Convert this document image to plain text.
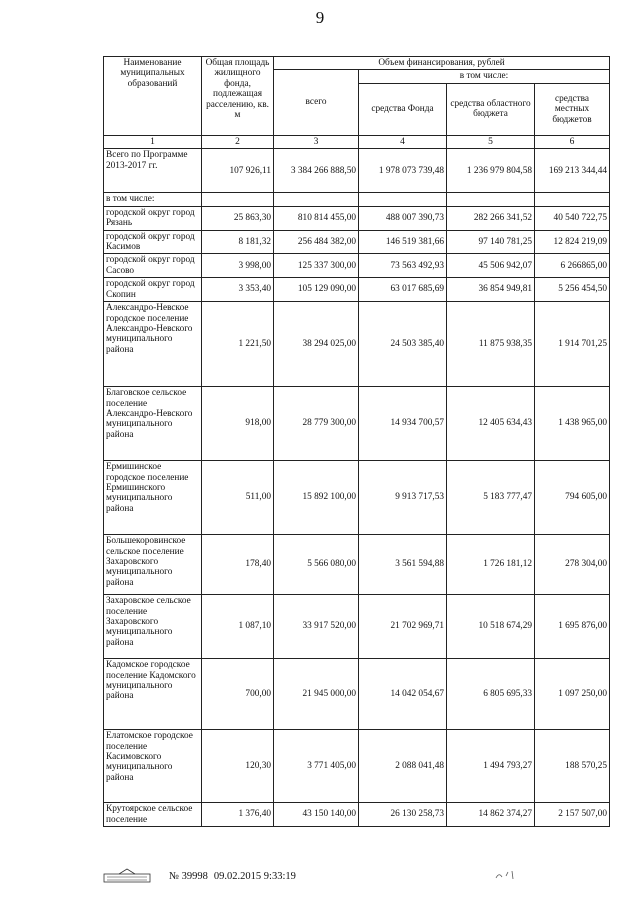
9
Наименование муниципальных образований	Общая площадь жилищного фонда, подлежащая расселению, кв. м	Объем финансирования, рублей			
		всего	в том числе:		
			средства Фонда	средства областного бюджета	средства местных бюджетов
1	2	3	4	5	6
Всего по Программе 2013-2017 гг.	107 926,11	3 384 266 888,50	1 978 073 739,48	1 236 979 804,58	169 213 344,44
в том числе:					
городской округ город Рязань	25 863,30	810 814 455,00	488 007 390,73	282 266 341,52	40 540 722,75
городской округ город Касимов	8 181,32	256 484 382,00	146 519 381,66	97 140 781,25	12 824 219,09
городской округ город Сасово	3 998,00	125 337 300,00	73 563 492,93	45 506 942,07	6 266865,00
городской округ город Скопин	3 353,40	105 129 090,00	63 017 685,69	36 854 949,81	5 256 454,50
Александро-Невское городское поселение Александро-Невского муниципального района	1 221,50	38 294 025,00	24 503 385,40	11 875 938,35	1 914 701,25
Благовское сельское поселение Александро-Невского муниципального района	918,00	28 779 300,00	14 934 700,57	12 405 634,43	1 438 965,00
Ермишинское городское поселение Ермишинского муниципального района	511,00	15 892 100,00	9 913 717,53	5 183 777,47	794 605,00
Большекоровинское сельское поселение Захаровского муниципального района	178,40	5 566 080,00	3 561 594,88	1 726 181,12	278 304,00
Захаровское сельское поселение Захаровского муниципального района	1 087,10	33 917 520,00	21 702 969,71	10 518 674,29	1 695 876,00
Кадомское городское поселение Кадомского муниципального района	700,00	21 945 000,00	14 042 054,67	6 805 695,33	1 097 250,00
Елатомское городское поселение Касимовского муниципального района	120,30	3 771 405,00	2 088 041,48	1 494 793,27	188 570,25
Крутоярское сельское поселение	1 376,40	43 150 140,00	26 130 258,73	14 862 374,27	2 157 507,00
№ 39998 09.02.2015 9:33:19
